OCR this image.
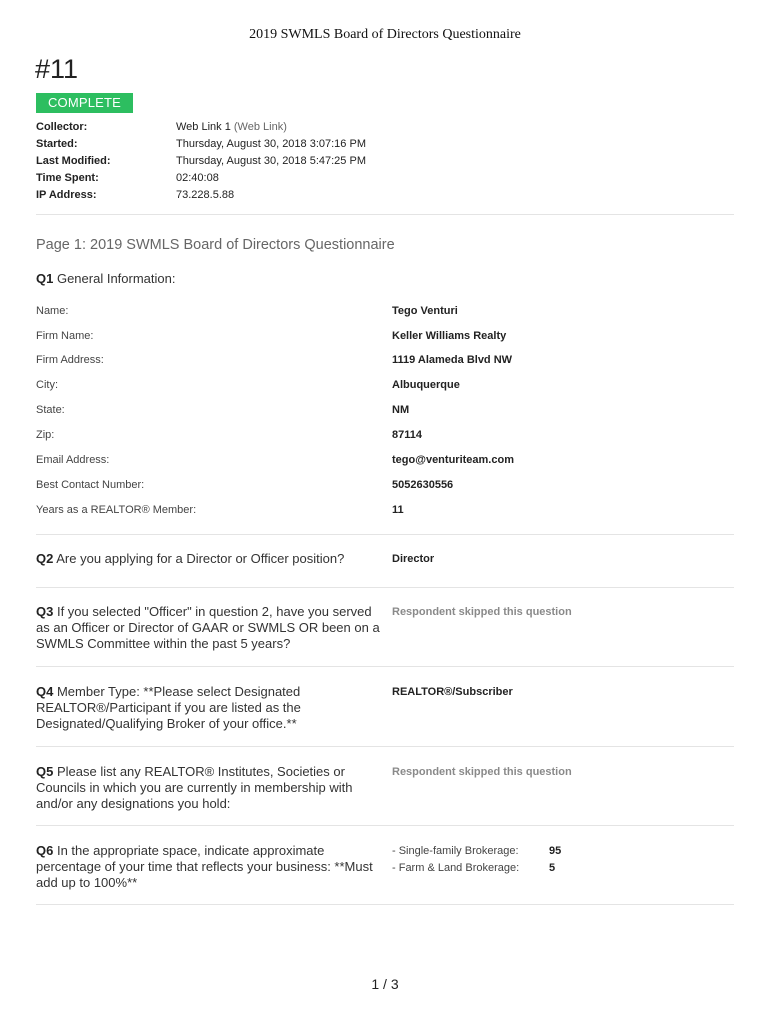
2019 SWMLS Board of Directors Questionnaire
#11
COMPLETE
Collector:	Web Link 1 (Web Link)
Started:	Thursday, August 30, 2018 3:07:16 PM
Last Modified:	Thursday, August 30, 2018 5:47:25 PM
Time Spent:	02:40:08
IP Address:	73.228.5.88
Page 1: 2019 SWMLS Board of Directors Questionnaire
Q1 General Information:
Name:	Tego Venturi
Firm Name:	Keller Williams Realty
Firm Address:	1119 Alameda Blvd NW
City:	Albuquerque
State:	NM
Zip:	87114
Email Address:	tego@venturiteam.com
Best Contact Number:	5052630556
Years as a REALTOR® Member:	11
Q2 Are you applying for a Director or Officer position?	Director
Q3 If you selected "Officer" in question 2, have you served as an Officer or Director of GAAR or SWMLS OR been on a SWMLS Committee within the past 5 years?
Respondent skipped this question
Q4 Member Type: **Please select Designated REALTOR®/Participant if you are listed as the Designated/Qualifying Broker of your office.**
REALTOR®/Subscriber
Q5 Please list any REALTOR® Institutes, Societies or Councils in which you are currently in membership with and/or any designations you hold:
Respondent skipped this question
Q6 In the appropriate space, indicate approximate percentage of your time that reflects your business: **Must add up to 100%**
- Single-family Brokerage:	95
- Farm & Land Brokerage:	5
1 / 3
